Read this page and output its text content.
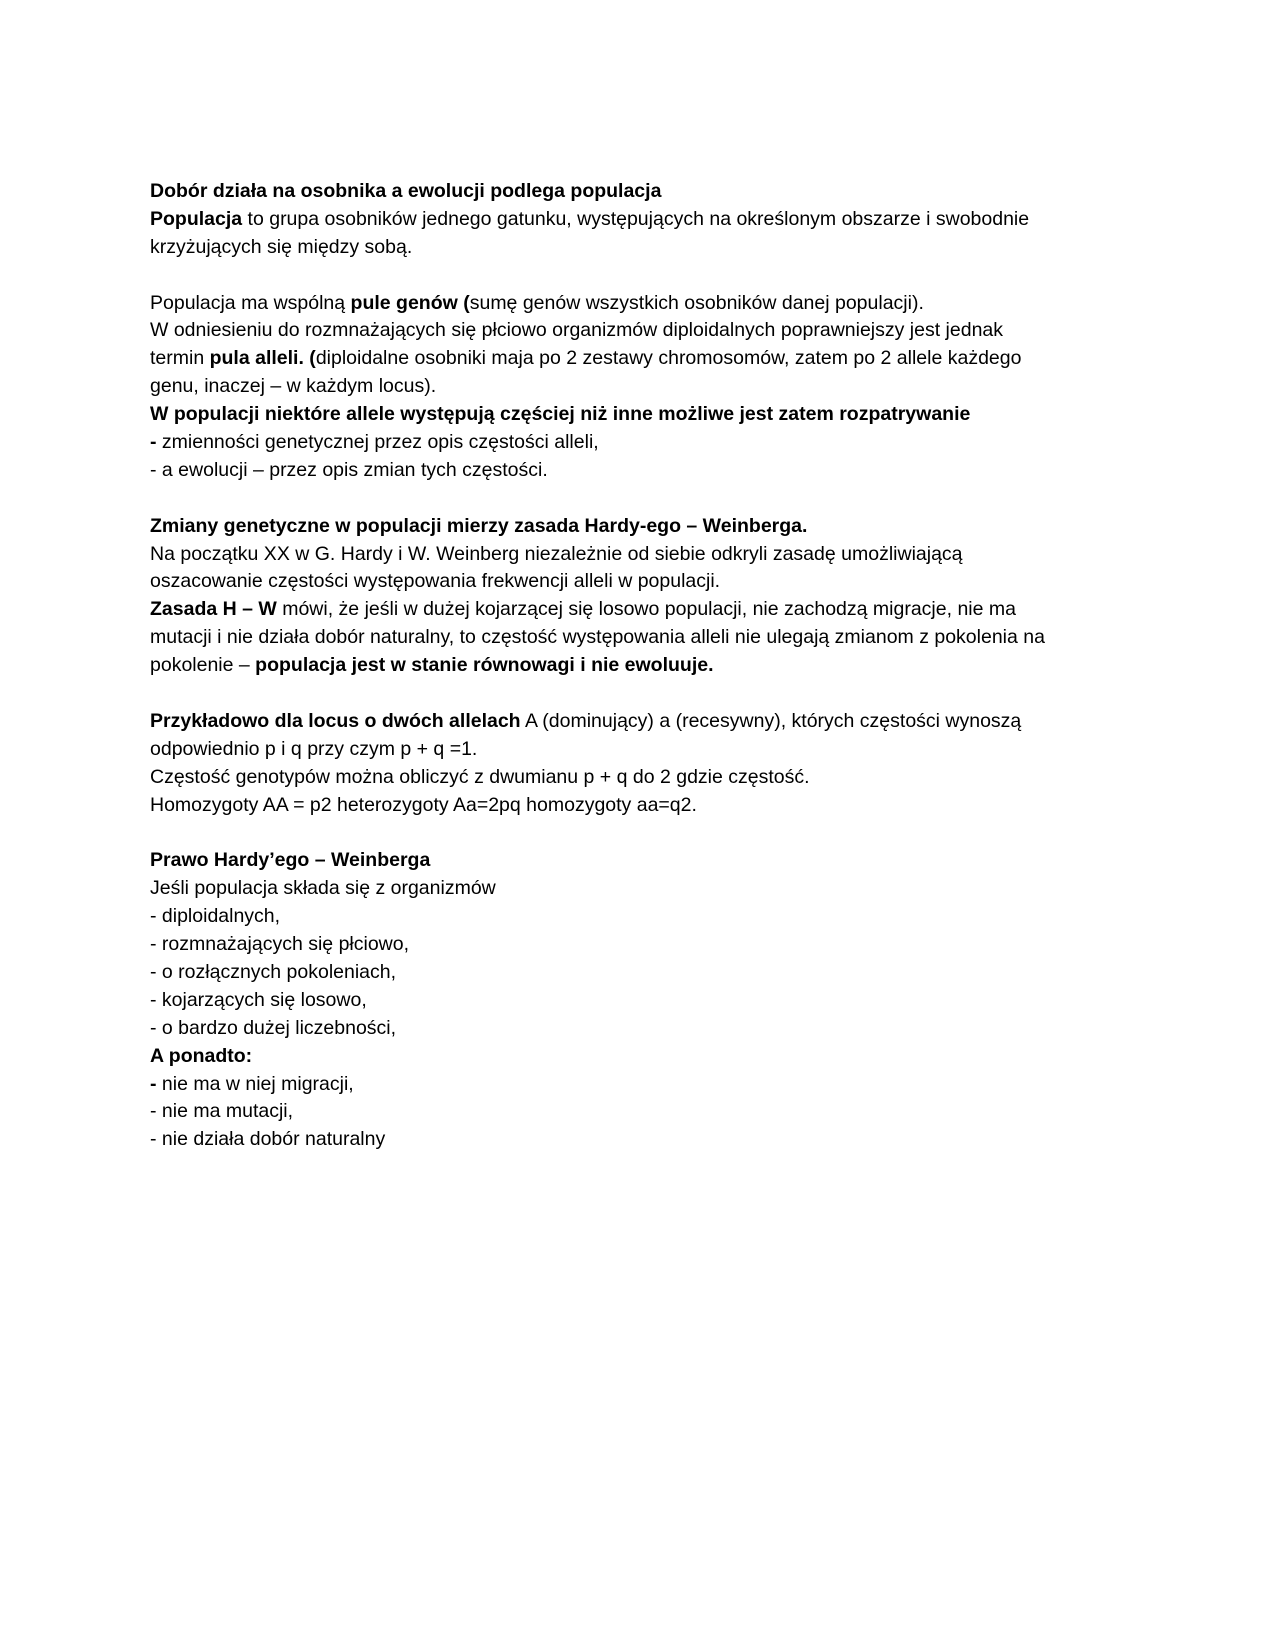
Dobór działa na osobnika a ewolucji podlega populacja
Populacja to grupa osobników jednego gatunku, występujących na określonym obszarze i swobodnie
krzyżujących się między sobą.
Populacja ma wspólną pule genów (sumę genów wszystkich osobników danej populacji).
W odniesieniu do rozmnażających się płciowo organizmów diploidalnych poprawniejszy jest jednak
termin pula alleli. (diploidalne osobniki maja po 2 zestawy chromosomów, zatem po 2 allele każdego
genu, inaczej – w każdym locus).
W populacji niektóre allele występują częściej niż inne możliwe jest zatem rozpatrywanie
- zmienności genetycznej przez opis częstości alleli,
- a ewolucji – przez opis zmian tych częstości.
Zmiany genetyczne w populacji mierzy zasada Hardy-ego – Weinberga.
Na początku XX w G. Hardy i W. Weinberg niezależnie od siebie odkryli zasadę umożliwiającą
oszacowanie częstości występowania frekwencji alleli w populacji.
Zasada H – W mówi, że jeśli w dużej kojarzącej się losowo populacji, nie zachodzą migracje, nie ma
mutacji i nie działa dobór naturalny, to częstość występowania alleli nie ulegają zmianom z pokolenia na
pokolenie – populacja jest w stanie równowagi i nie ewoluuje.
Przykładowo dla locus o dwóch allelach A (dominujący) a (recesywny), których częstości wynoszą
odpowiednio p i q przy czym p + q =1.
Częstość genotypów można obliczyć z dwumianu p + q do 2 gdzie częstość.
Homozygoty AA = p2 heterozygoty Aa=2pq homozygoty aa=q2.
Prawo Hardy’ego – Weinberga
Jeśli populacja składa się z organizmów
- diploidalnych,
- rozmnażających się płciowo,
- o rozłącznych pokoleniach,
- kojarzących się losowo,
- o bardzo dużej liczebności,
A ponadto:
- nie ma w niej migracji,
- nie ma mutacji,
- nie działa dobór naturalny
